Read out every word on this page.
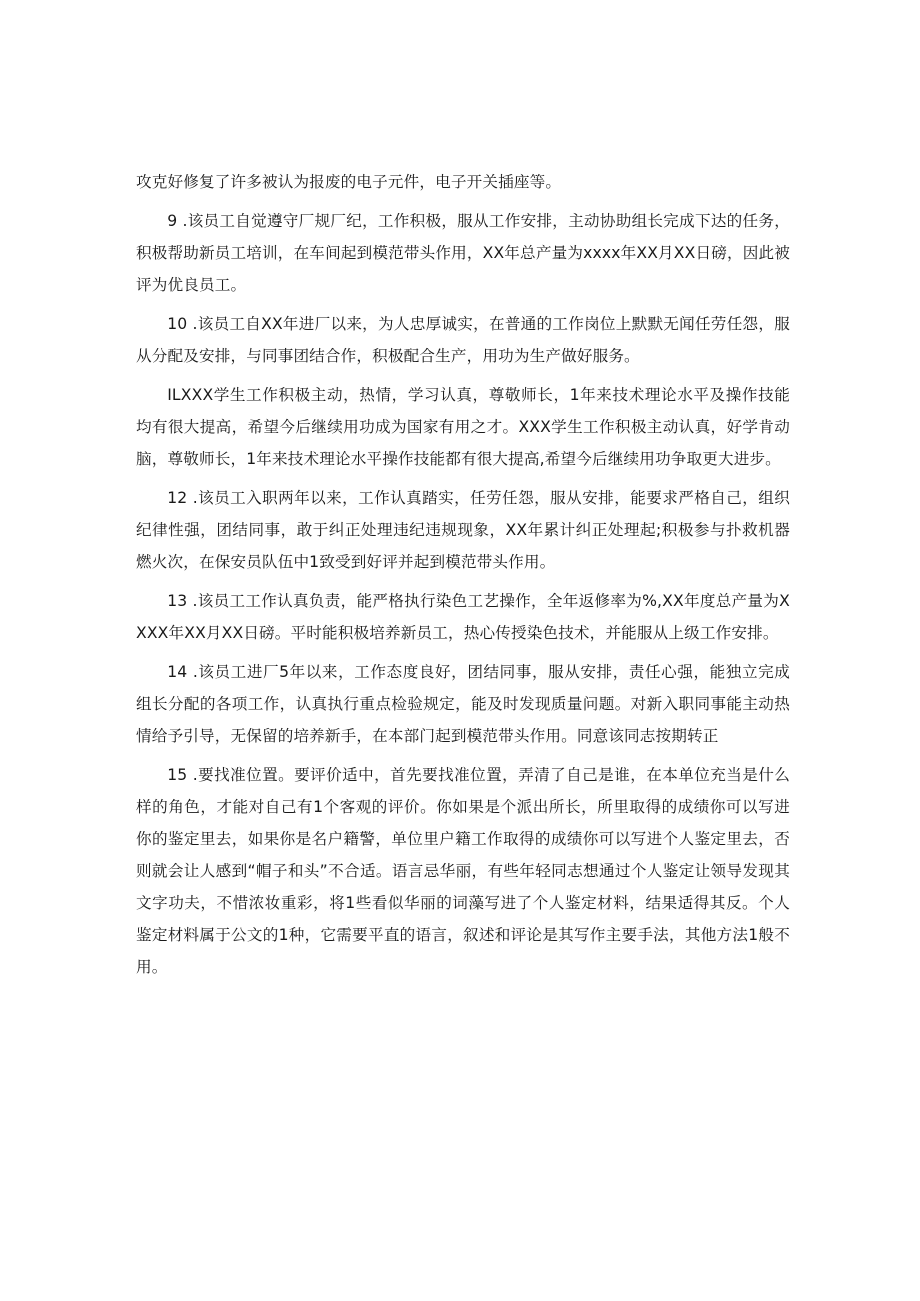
攻克好修复了许多被认为报废的电子元件，电子开关插座等。

9 .该员工自觉遵守厂规厂纪，工作积极，服从工作安排，主动协助组长完成下达的任务，积极帮助新员工培训，在车间起到模范带头作用，XX年总产量为xxxx年XX月XX日磅，因此被评为优良员工。

10 .该员工自XX年进厂以来，为人忠厚诚实，在普通的工作岗位上默默无闻任劳任怨，服从分配及安排，与同事团结合作，积极配合生产，用功为生产做好服务。

ILXXX学生工作积极主动，热情，学习认真，尊敬师长，1年来技术理论水平及操作技能均有很大提高，希望今后继续用功成为国家有用之才。XXX学生工作积极主动认真，好学肯动脑，尊敬师长，1年来技术理论水平操作技能都有很大提高,希望今后继续用功争取更大进步。

12 .该员工入职两年以来，工作认真踏实，任劳任怨，服从安排，能要求严格自己，组织纪律性强，团结同事，敢于纠正处理违纪违规现象，XX年累计纠正处理起;积极参与扑救机器燃火次，在保安员队伍中1致受到好评并起到模范带头作用。

13 .该员工工作认真负责，能严格执行染色工艺操作，全年返修率为%,XX年度总产量为XXXX年XX月XX日磅。平时能积极培养新员工，热心传授染色技术，并能服从上级工作安排。

14 .该员工进厂5年以来，工作态度良好，团结同事，服从安排，责任心强，能独立完成组长分配的各项工作，认真执行重点检验规定，能及时发现质量问题。对新入职同事能主动热情给予引导，无保留的培养新手，在本部门起到模范带头作用。同意该同志按期转正

15 .要找准位置。要评价适中，首先要找准位置，弄清了自己是谁，在本单位充当是什么样的角色，才能对自己有1个客观的评价。你如果是个派出所长，所里取得的成绩你可以写进你的鉴定里去，如果你是名户籍警，单位里户籍工作取得的成绩你可以写进个人鉴定里去，否则就会让人感到“帽子和头”不合适。语言忌华丽，有些年轻同志想通过个人鉴定让领导发现其文字功夫，不惜浓妆重彩，将1些看似华丽的词藻写进了个人鉴定材料，结果适得其反。个人鉴定材料属于公文的1种，它需要平直的语言，叙述和评论是其写作主要手法，其他方法1般不用。
